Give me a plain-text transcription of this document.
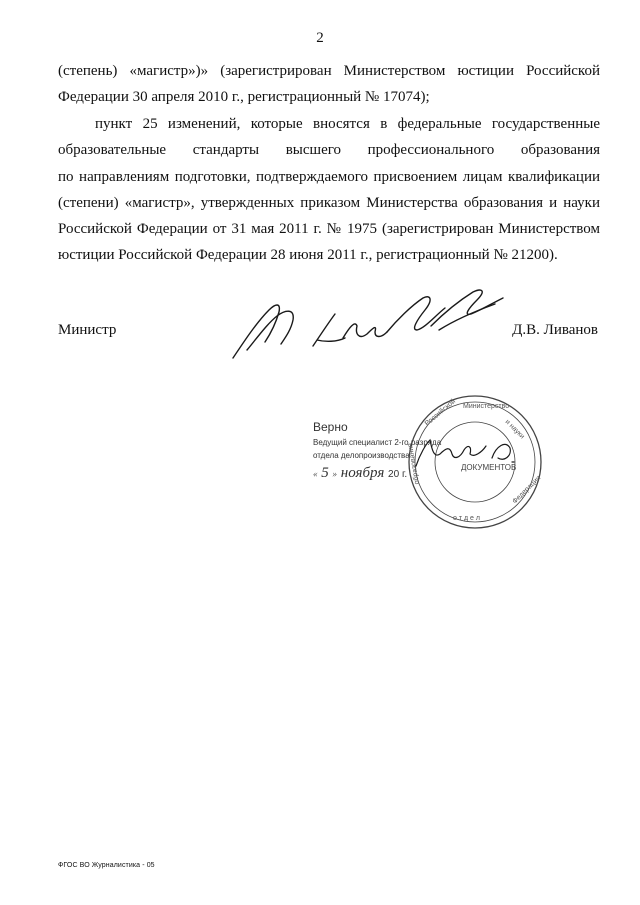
2
(степень) «магистр»)» (зарегистрирован Министерством юстиции Российской
Федерации 30 апреля 2010 г., регистрационный № 17074);
пункт 25 изменений, которые вносятся в федеральные государственные
образовательные стандарты высшего профессионального образования
по направлениям подготовки, подтверждаемого присвоением лицам квалификации
(степени) «магистр», утвержденных приказом Министерства образования и науки
Российской Федерации от 31 мая 2011 г. № 1975 (зарегистрирован Министерством
юстиции Российской Федерации 28 июня 2011 г., регистрационный № 21200).
Министр	Д.В. Ливанов
Министерство
Российской
и науки
образования
о т д е л
Федерации
ДОКУМЕНТОВ
Верно
Ведущий специалист 2-го разряда
отдела делопроизводства
« 5 » ноября 20 г.
ФГОС ВО Журналистика - 05
